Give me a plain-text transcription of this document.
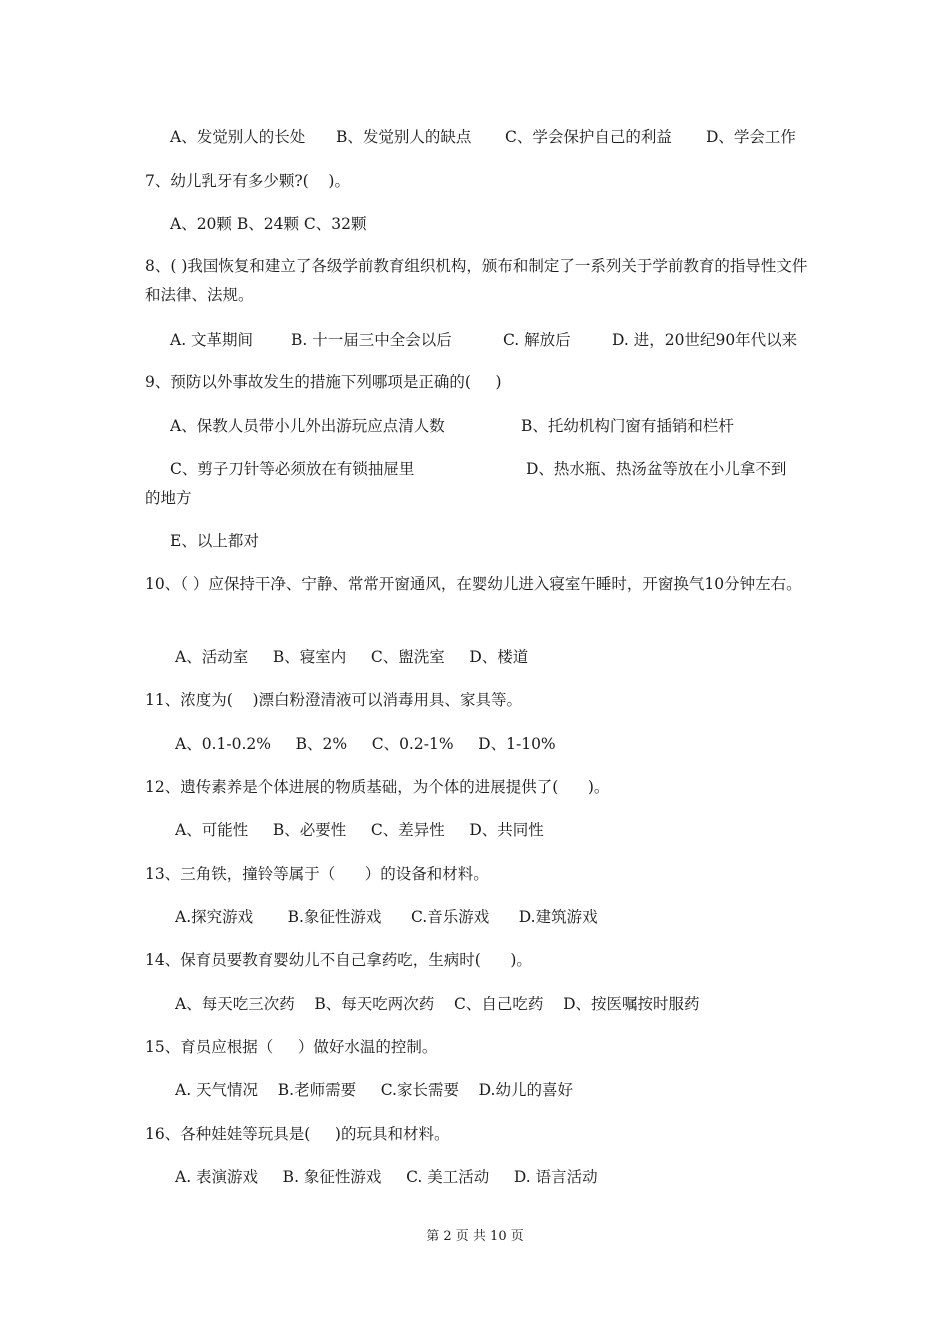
A、发觉别人的长处 B、发觉别人的缺点 C、学会保护自己的利益 D、学会工作
7、幼儿乳牙有多少颗?(    )。
A、20颗 B、24颗 C、32颗
8、( )我国恢复和建立了各级学前教育组织机构，颁布和制定了一系列关于学前教育的指导性文件和法律、法规。
A. 文革期间 B. 十一届三中全会以后	C. 解放后	D. 进，20世纪90年代以来
9、预防以外事故发生的措施下列哪项是正确的(     )
A、保教人员带小儿外出游玩应点清人数	B、托幼机构门窗有插销和栏杆
C、剪子刀针等必须放在有锁抽屉里	D、热水瓶、热汤盆等放在小儿拿不到
的地方
E、以上都对
10、（ ）应保持干净、宁静、常常开窗通风，在婴幼儿进入寝室午睡时，开窗换气10分钟左右。
A、活动室     B、寝室内     C、盥洗室     D、楼道
11、浓度为(    )漂白粉澄清液可以消毒用具、家具等。
A、0.1-0.2%     B、2%     C、0.2-1%     D、1-10%
12、遗传素养是个体进展的物质基础，为个体的进展提供了(      )。
A、可能性     B、必要性     C、差异性     D、共同性
13、三角铁，撞铃等属于（      ）的设备和材料。
A.探究游戏       B.象征性游戏      C.音乐游戏      D.建筑游戏
14、保育员要教育婴幼儿不自己拿药吃，生病时(      )。
A、每天吃三次药    B、每天吃两次药    C、自己吃药    D、按医嘱按时服药
15、育员应根据（     ）做好水温的控制。
A. 天气情况    B.老师需要     C.家长需要    D.幼儿的喜好
16、各种娃娃等玩具是(     )的玩具和材料。
A. 表演游戏     B. 象征性游戏     C. 美工活动     D. 语言活动
第 2 页 共 10 页
